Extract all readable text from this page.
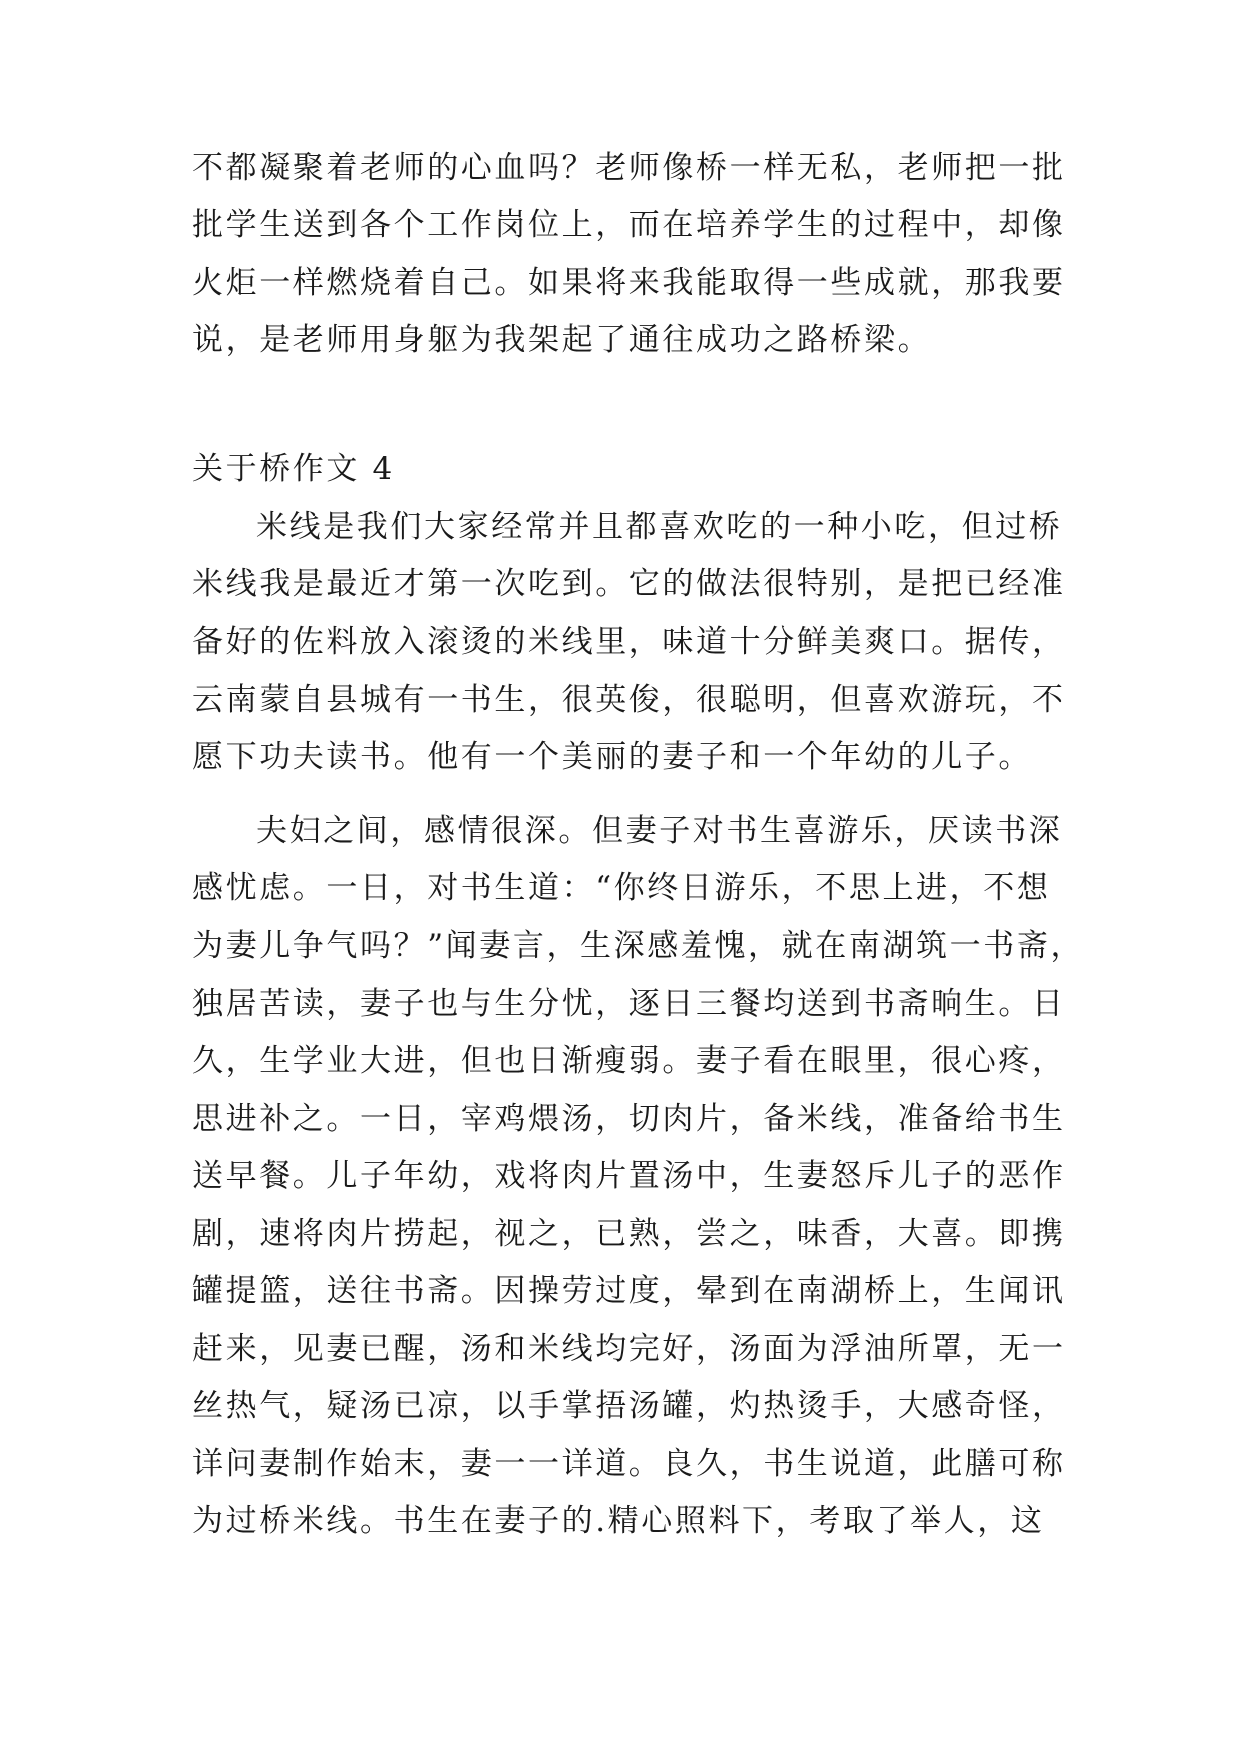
不都凝聚着老师的心血吗？老师像桥一样无私，老师把一批
批学生送到各个工作岗位上，而在培养学生的过程中，却像
火炬一样燃烧着自己。如果将来我能取得一些成就，那我要
说，是老师用身躯为我架起了通往成功之路桥梁。
关于桥作文 4
米线是我们大家经常并且都喜欢吃的一种小吃，但过桥
米线我是最近才第一次吃到。它的做法很特别，是把已经准
备好的佐料放入滚烫的米线里，味道十分鲜美爽口。据传，
云南蒙自县城有一书生，很英俊，很聪明，但喜欢游玩，不
愿下功夫读书。他有一个美丽的妻子和一个年幼的儿子。
夫妇之间，感情很深。但妻子对书生喜游乐，厌读书深
感忧虑。一日，对书生道：“你终日游乐，不思上进，不想
为妻儿争气吗？”闻妻言，生深感羞愧，就在南湖筑一书斋，
独居苦读，妻子也与生分忧，逐日三餐均送到书斋晌生。日
久，生学业大进，但也日渐瘦弱。妻子看在眼里，很心疼，
思进补之。一日，宰鸡煨汤，切肉片，备米线，准备给书生
送早餐。儿子年幼，戏将肉片置汤中，生妻怒斥儿子的恶作
剧，速将肉片捞起，视之，已熟，尝之，味香，大喜。即携
罐提篮，送往书斋。因操劳过度，晕到在南湖桥上，生闻讯
赶来，见妻已醒，汤和米线均完好，汤面为浮油所罩，无一
丝热气，疑汤已凉，以手掌捂汤罐，灼热烫手，大感奇怪，
详问妻制作始末，妻一一详道。良久，书生说道，此膳可称
为过桥米线。书生在妻子的.精心照料下，考取了举人，这
